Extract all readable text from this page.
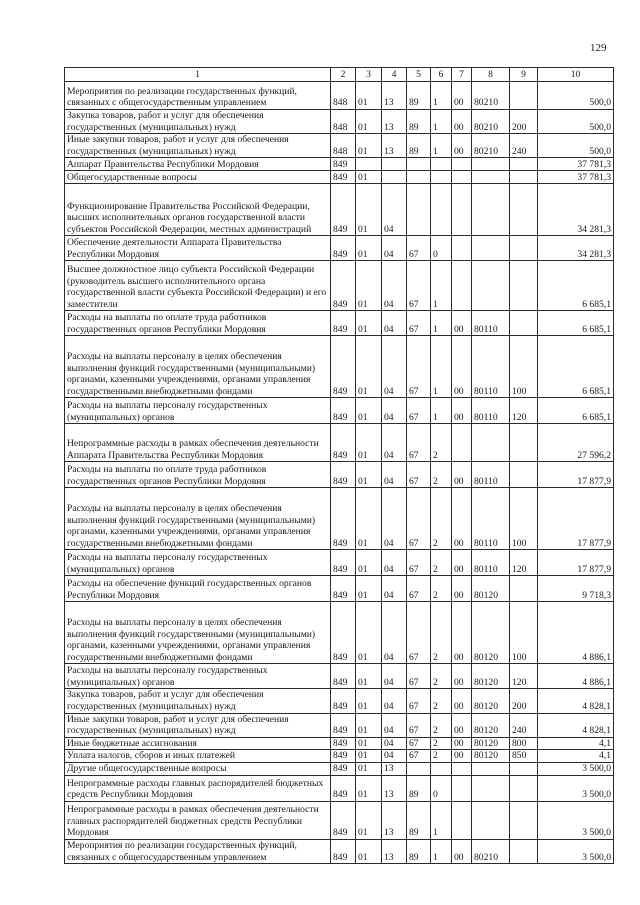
129
1	2	3	4	5	6	7	8	9	10
Мероприятия по реализации государственных функций, связанных с общегосударственным управлением	848	01	13	89	1	00	80210		500,0
Закупка товаров, работ и услуг для обеспечения государственных (муниципальных) нужд	848	01	13	89	1	00	80210	200	500,0
Иные закупки товаров, работ и услуг для обеспечения государственных (муниципальных) нужд	848	01	13	89	1	00	80210	240	500,0
Аппарат Правительства Республики Мордовия	849								37 781,3
Общегосударственные вопросы	849	01							37 781,3
Функционирование Правительства Российской Федерации, высших исполнительных органов государственной власти субъектов Российской Федерации, местных администраций	849	01	04						34 281,3
Обеспечение деятельности Аппарата Правительства Республики Мордовия	849	01	04	67	0				34 281,3
Высшее должностное лицо субъекта Российской Федерации (руководитель высшего исполнительного органа государственной власти субъекта Российской Федерации) и его заместители	849	01	04	67	1				6 685,1
Расходы на выплаты по оплате труда работников государственных органов Республики Мордовия	849	01	04	67	1	00	80110		6 685,1
Расходы на выплаты персоналу в целях обеспечения выполнения функций государственными (муниципальными) органами, казенными учреждениями, органами управления государственными внебюджетными фондами	849	01	04	67	1	00	80110	100	6 685,1
Расходы на выплаты персоналу государственных (муниципальных) органов	849	01	04	67	1	00	80110	120	6 685,1
Непрограммные расходы в рамках обеспечения деятельности Аппарата Правительства Республики Мордовия	849	01	04	67	2				27 596,2
Расходы на выплаты по оплате труда работников государственных органов Республики Мордовия	849	01	04	67	2	00	80110		17 877,9
Расходы на выплаты персоналу в целях обеспечения выполнения функций государственными (муниципальными) органами, казенными учреждениями, органами управления государственными внебюджетными фондами	849	01	04	67	2	00	80110	100	17 877,9
Расходы на выплаты персоналу государственных (муниципальных) органов	849	01	04	67	2	00	80110	120	17 877,9
Расходы на обеспечение функций государственных органов Республики Мордовия	849	01	04	67	2	00	80120		9 718,3
Расходы на выплаты персоналу в целях обеспечения выполнения функций государственными (муниципальными) органами, казенными учреждениями, органами управления государственными внебюджетными фондами	849	01	04	67	2	00	80120	100	4 886,1
Расходы на выплаты персоналу государственных (муниципальных) органов	849	01	04	67	2	00	80120	120	4 886,1
Закупка товаров, работ и услуг для обеспечения государственных (муниципальных) нужд	849	01	04	67	2	00	80120	200	4 828,1
Иные закупки товаров, работ и услуг для обеспечения государственных (муниципальных) нужд	849	01	04	67	2	00	80120	240	4 828,1
Иные бюджетные ассигнования	849	01	04	67	2	00	80120	800	4,1
Уплата налогов, сборов и иных платежей	849	01	04	67	2	00	80120	850	4,1
Другие общегосударственные вопросы	849	01	13						3 500,0
Непрограммные расходы главных распорядителей бюджетных средств Республики Мордовия	849	01	13	89	0				3 500,0
Непрограммные расходы в рамках обеспечения деятельности главных распорядителей бюджетных средств Республики Мордовия	849	01	13	89	1				3 500,0
Мероприятия по реализации государственных функций, связанных с общегосударственным управлением	849	01	13	89	1	00	80210		3 500,0
